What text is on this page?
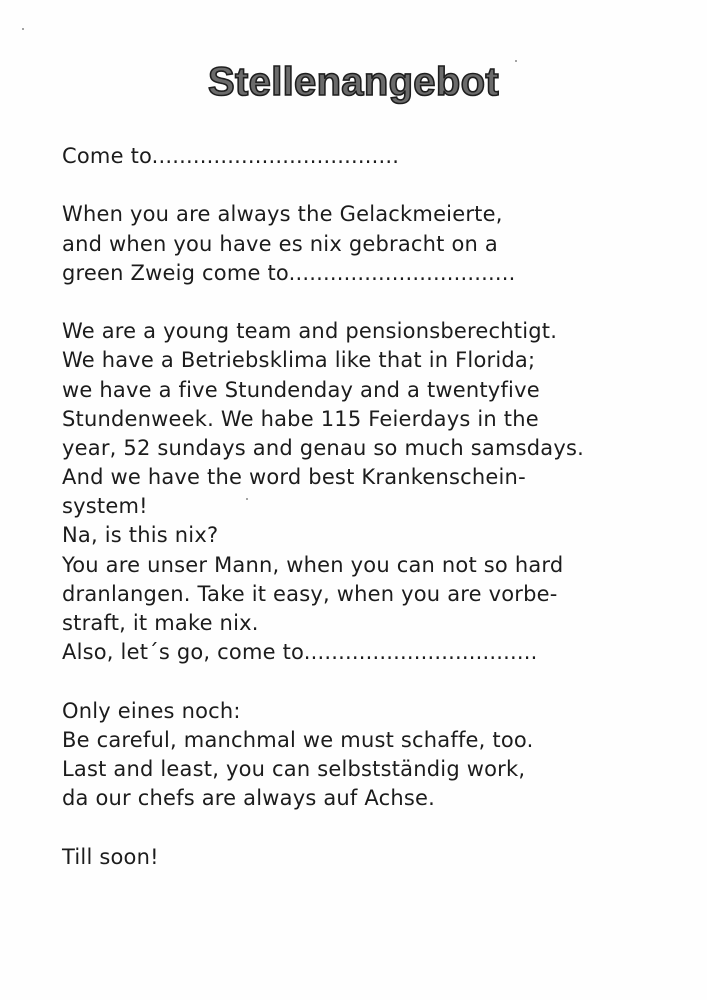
Stellenangebot
Come to....................................
When you are always the Gelackmeierte,
and when you have es nix gebracht on a
green Zweig come to.................................
We are a young team and pensionsberechtigt.
We have a Betriebsklima like that in Florida;
we have a five Stundenday and a twentyfive
Stundenweek. We habe 115 Feierdays in the
year, 52 sundays and genau so much samsdays.
And we have the word best Krankenschein-
system!
Na, is this nix?
You are unser Mann, when you can not so hard
dranlangen. Take it easy, when you are vorbe-
straft, it make nix.
Also, let´s go, come to..................................
Only eines noch:
Be careful, manchmal we must schaffe, too.
Last and least, you can selbstständig work,
da our chefs are always auf Achse.
Till soon!
